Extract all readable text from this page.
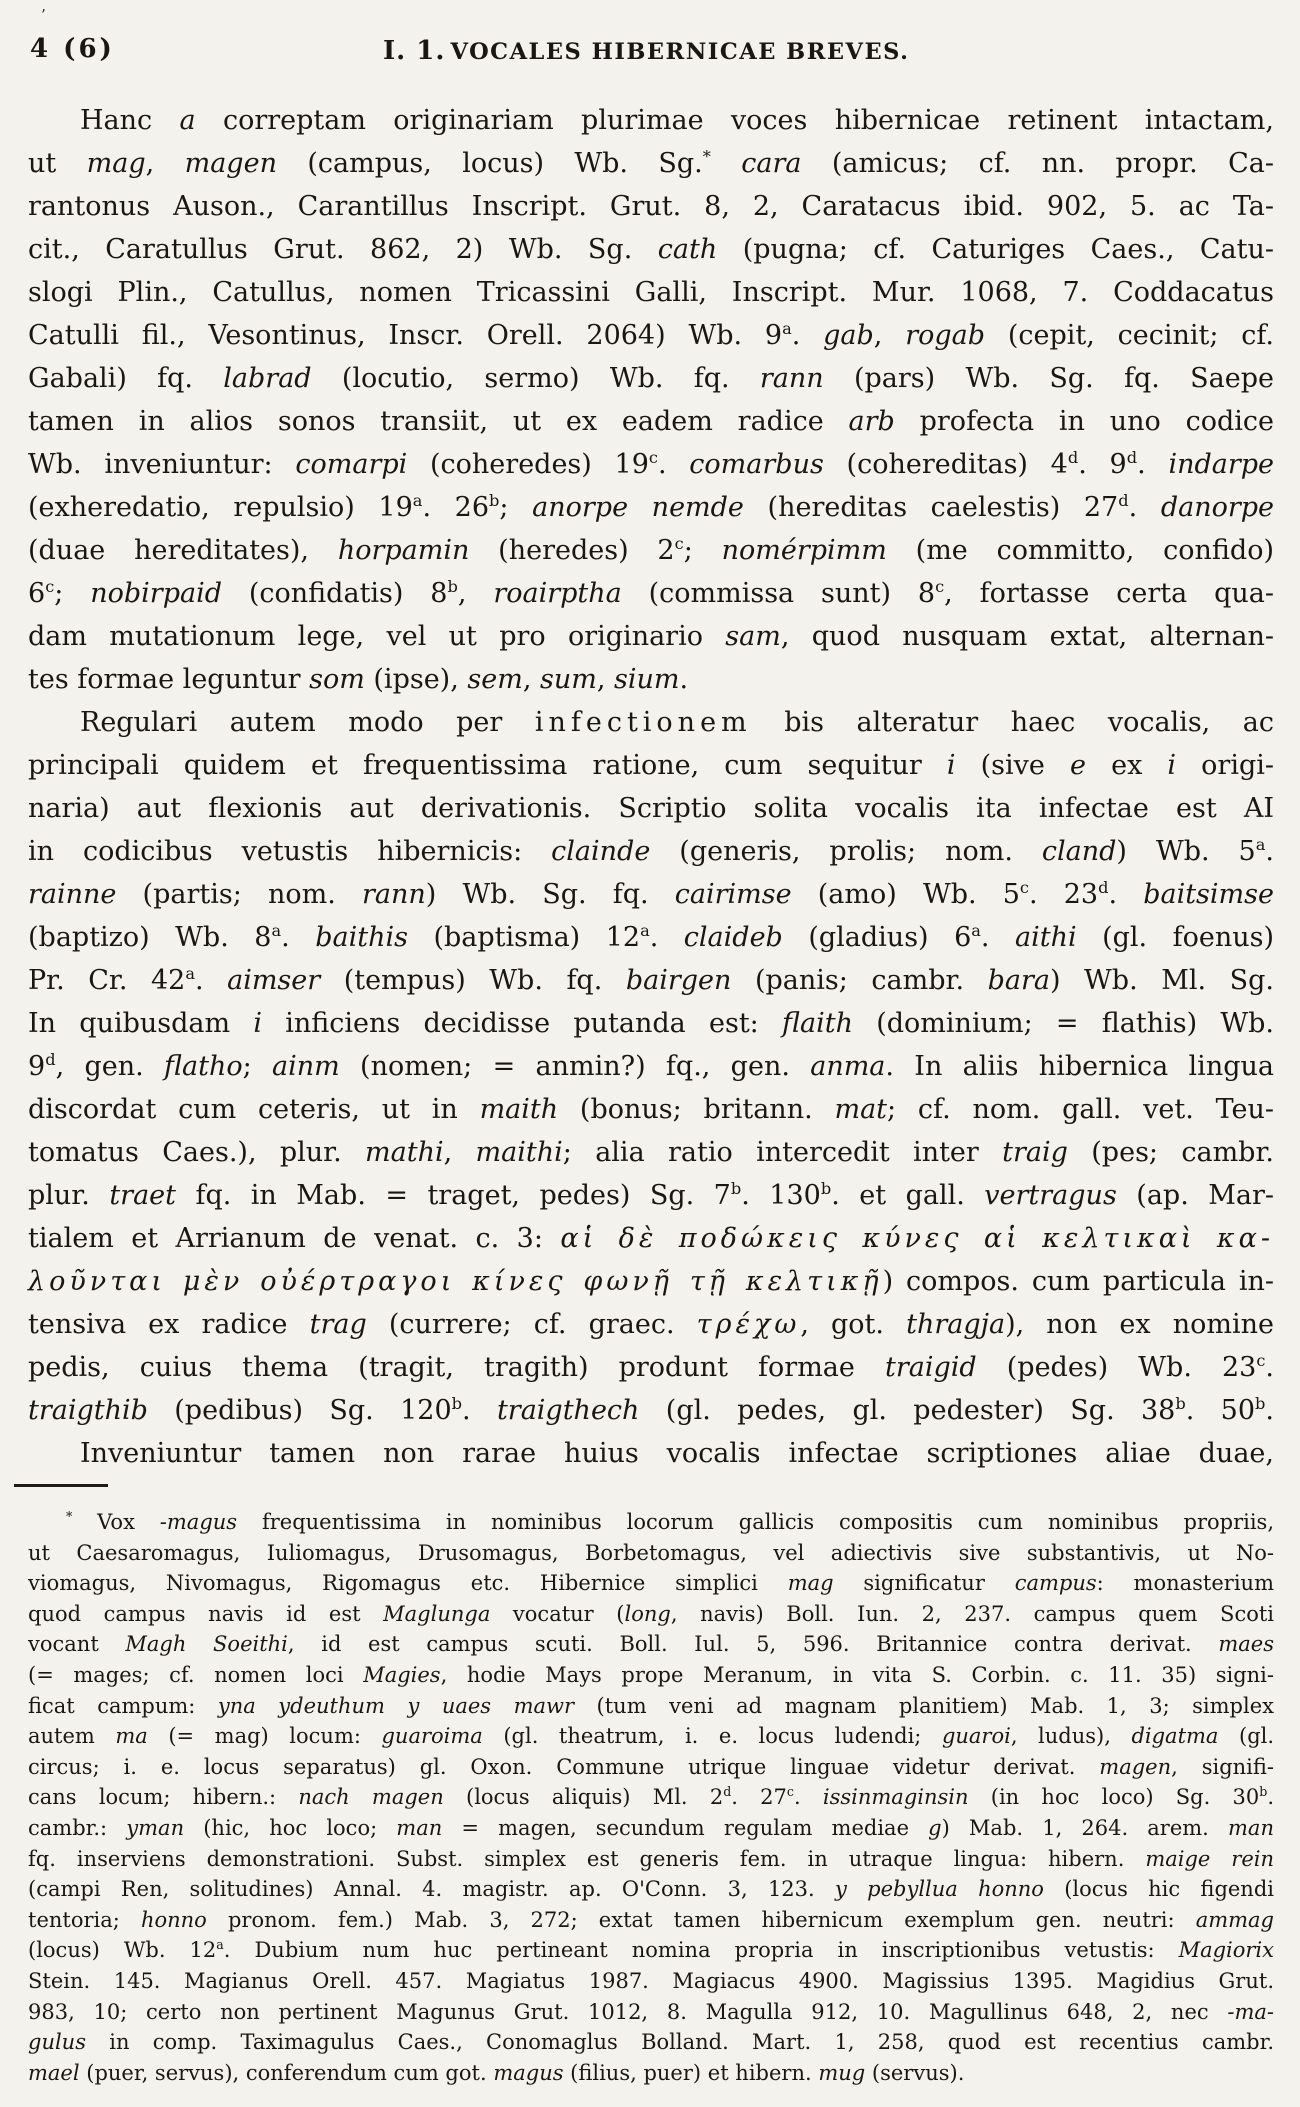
’
4 (6)	I. 1. VOCALES HIBERNICAE BREVES.
Hanc a correptam originariam plurimae voces hibernicae retinent intactam,
ut mag, magen (campus, locus) Wb. Sg.* cara (amicus; cf. nn. propr. Ca-
rantonus Auson., Carantillus Inscript. Grut. 8, 2, Caratacus ibid. 902, 5. ac Ta-
cit., Caratullus Grut. 862, 2) Wb. Sg. cath (pugna; cf. Caturiges Caes., Catu-
slogi Plin., Catullus, nomen Tricassini Galli, Inscript. Mur. 1068, 7. Coddacatus
Catulli fil., Vesontinus, Inscr. Orell. 2064) Wb. 9$^a$. gab, rogab (cepit, cecinit; cf.
Gabali) fq. labrad (locutio, sermo) Wb. fq. rann (pars) Wb. Sg. fq. Saepe
tamen in alios sonos transiit, ut ex eadem radice arb profecta in uno codice
Wb. inveniuntur: comarpi (coheredes) 19$^c$. comarbus (cohereditas) 4$^d$. 9$^d$. indarpe
(exheredatio, repulsio) 19$^a$. 26$^b$; anorpe nemde (hereditas caelestis) 27$^d$. danorpe
(duae hereditates), horpamin (heredes) 2$^c$; nomérpimm (me committo, confido)
6$^c$; nobirpaid (confidatis) 8$^b$, roairptha (commissa sunt) 8$^c$, fortasse certa qua-
dam mutationum lege, vel ut pro originario sam, quod nusquam extat, alternan-
tes formae leguntur som (ipse), sem, sum, sium.
Regulari autem modo per infectionem bis alteratur haec vocalis, ac
principali quidem et frequentissima ratione, cum sequitur i (sive e ex i origi-
naria) aut flexionis aut derivationis. Scriptio solita vocalis ita infectae est AI
in codicibus vetustis hibernicis: clainde (generis, prolis; nom. cland) Wb. 5$^a$.
rainne (partis; nom. rann) Wb. Sg. fq. cairimse (amo) Wb. 5$^c$. 23$^d$. baitsimse
(baptizo) Wb. 8$^a$. baithis (baptisma) 12$^a$. claideb (gladius) 6$^a$. aithi (gl. foenus)
Pr. Cr. 42$^a$. aimser (tempus) Wb. fq. bairgen (panis; cambr. bara) Wb. Ml. Sg.
In quibusdam i inficiens decidisse putanda est: flaith (dominium; = flathis) Wb.
9$^d$, gen. flatho; ainm (nomen; = anmin?) fq., gen. anma. In aliis hibernica lingua
discordat cum ceteris, ut in maith (bonus; britann. mat; cf. nom. gall. vet. Teu-
tomatus Caes.), plur. mathi, maithi; alia ratio intercedit inter traig (pes; cambr.
plur. traet fq. in Mab. = traget, pedes) Sg. 7$^b$. 130$^b$. et gall. vertragus (ap. Mar-
tialem et Arrianum de venat. c. 3: αἱ δὲ ποδώκεις κύνες αἱ κελτικαὶ κα-
λοῦνται μὲν οὐέρτραγοι κίνες φωνῇ τῇ κελτικῇ) compos. cum particula in-
tensiva ex radice trag (currere; cf. graec. τρέχω, got. thragja), non ex nomine
pedis, cuius thema (tragit, tragith) produnt formae traigid (pedes) Wb. 23$^c$.
traigthib (pedibus) Sg. 120$^b$. traigthech (gl. pedes, gl. pedester) Sg. 38$^b$. 50$^b$.
Inveniuntur tamen non rarae huius vocalis infectae scriptiones aliae duae,
* Vox -magus frequentissima in nominibus locorum gallicis compositis cum nominibus propriis,
ut Caesaromagus, Iuliomagus, Drusomagus, Borbetomagus, vel adiectivis sive substantivis, ut No-
viomagus, Nivomagus, Rigomagus etc. Hibernice simplici mag significatur campus: monasterium
quod campus navis id est Maglunga vocatur (long, navis) Boll. Iun. 2, 237. campus quem Scoti
vocant Magh Soeithi, id est campus scuti. Boll. Iul. 5, 596. Britannice contra derivat. maes
(= mages; cf. nomen loci Magies, hodie Mays prope Meranum, in vita S. Corbin. c. 11. 35) signi-
ficat campum: yna ydeuthum y uaes mawr (tum veni ad magnam planitiem) Mab. 1, 3; simplex
autem ma (= mag) locum: guaroima (gl. theatrum, i. e. locus ludendi; guaroi, ludus), digatma (gl.
circus; i. e. locus separatus) gl. Oxon. Commune utrique linguae videtur derivat. magen, signifi-
cans locum; hibern.: nach magen (locus aliquis) Ml. 2$^d$. 27$^c$. issinmaginsin (in hoc loco) Sg. 30$^b$.
cambr.: yman (hic, hoc loco; man = magen, secundum regulam mediae g) Mab. 1, 264. arem. man
fq. inserviens demonstrationi. Subst. simplex est generis fem. in utraque lingua: hibern. maige rein
(campi Ren, solitudines) Annal. 4. magistr. ap. O'Conn. 3, 123. y pebyllua honno (locus hic figendi
tentoria; honno pronom. fem.) Mab. 3, 272; extat tamen hibernicum exemplum gen. neutri: ammag
(locus) Wb. 12$^a$. Dubium num huc pertineant nomina propria in inscriptionibus vetustis: Magiorix
Stein. 145. Magianus Orell. 457. Magiatus 1987. Magiacus 4900. Magissius 1395. Magidius Grut.
983, 10; certo non pertinent Magunus Grut. 1012, 8. Magulla 912, 10. Magullinus 648, 2, nec -ma-
gulus in comp. Taximagulus Caes., Conomaglus Bolland. Mart. 1, 258, quod est recentius cambr.
mael (puer, servus), conferendum cum got. magus (filius, puer) et hibern. mug (servus).
